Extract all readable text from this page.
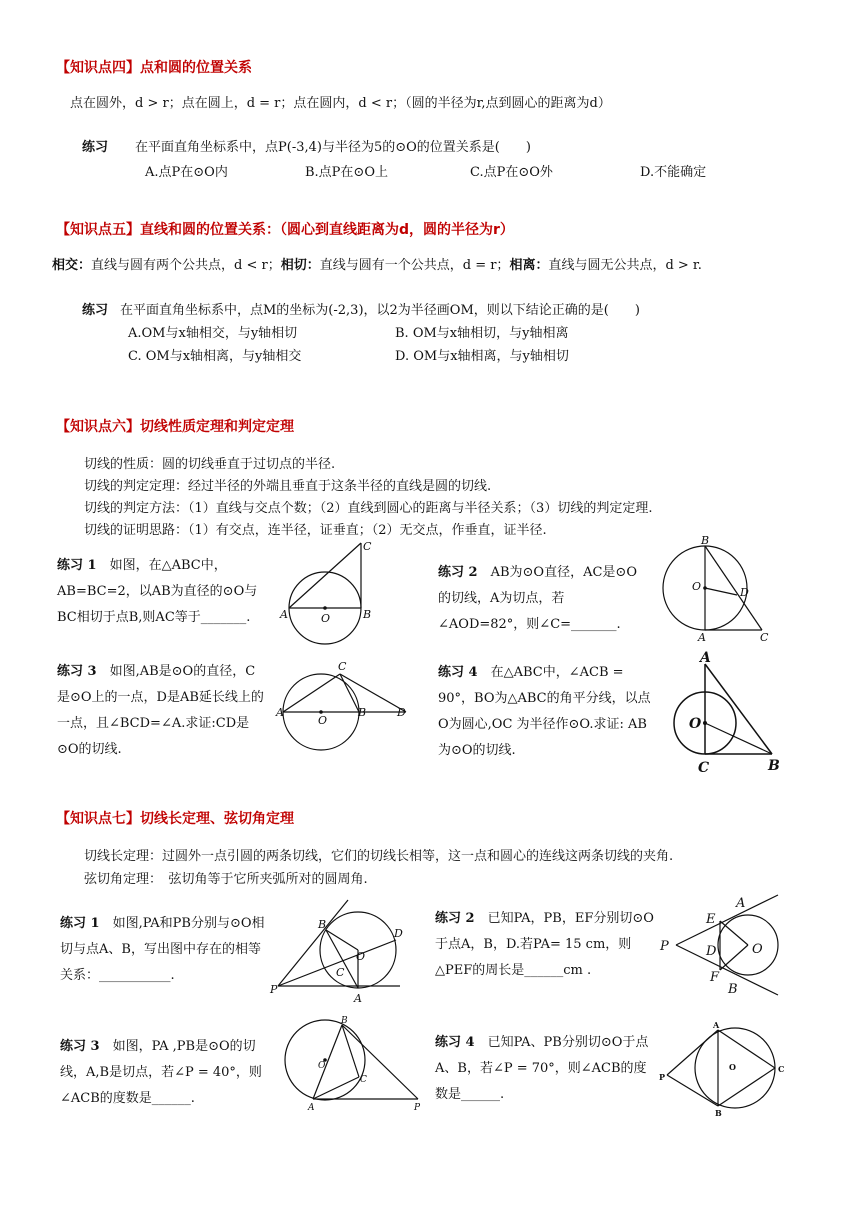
【知识点四】点和圆的位置关系
点在圆外，d > r；点在圆上，d = r；点在圆内，d < r；（圆的半径为r,点到圆心的距离为d）
练习 在平面直角坐标系中，点P(-3,4)与半径为5的⊙O的位置关系是(　　)
A.点P在⊙O内	B.点P在⊙O上	C.点P在⊙O外	D.不能确定
【知识点五】直线和圆的位置关系：（圆心到直线距离为d，圆的半径为r）
相交：直线与圆有两个公共点，d < r；相切：直线与圆有一个公共点，d = r；相离：直线与圆无公共点，d > r.
练习 在平面直角坐标系中，点M的坐标为(-2,3)，以2为半径画OM，则以下结论正确的是(　　)
A.OM与x轴相交，与y轴相切	B. OM与x轴相切，与y轴相离
C. OM与x轴相离，与y轴相交	D. OM与x轴相离，与y轴相切
【知识点六】切线性质定理和判定定理
切线的性质：圆的切线垂直于过切点的半径.
切线的判定定理：经过半径的外端且垂直于这条半径的直线是圆的切线.
切线的判定方法：（1）直线与交点个数；（2）直线到圆心的距离与半径关系；（3）切线的判定定理.
切线的证明思路：（1）有交点，连半径，证垂直；（2）无交点，作垂直，证半径.
练习 1　 如图，在△ABC中，AB=BC=2，以AB为直径的⊙O与BC相切于点B,则AC等于_______.
练习 2　 AB为⊙O直径，AC是⊙O的切线，A为切点，若∠AOD=82°，则∠C=_______.
练习 3　 如图,AB是⊙O的直径，C是⊙O上的一点，D是AB延长线上的一点，且∠BCD=∠A.求证:CD是⊙O的切线.
练习 4　 在△ABC中，∠ACB = 90°，BO为△ABC的角平分线，以点O为圆心,OC 为半径作⊙O.求证: AB为⊙O的切线.
C
A	O	B
B
O	D
A	C
C
A
O
B	D
A
O
C	B
【知识点七】切线长定理、弦切角定理
切线长定理：过圆外一点引圆的两条切线，它们的切线长相等，这一点和圆心的连线这两条切线的夹角.
弦切角定理：　弦切角等于它所夹弧所对的圆周角.
练习 1　 如图,PA和PB分别与⊙O相切与点A、B，写出图中存在的相等关系：___________.
练习 2　 已知PA，PB，EF分别切⊙O于点A，B，D.若PA= 15 cm，则△PEF的周长是______cm .
练习 3　 如图，PA ,PB是⊙O的切线，A,B是切点，若∠P = 40°，则∠ACB的度数是______.
练习 4　 已知PA、PB分别切⊙O于点A、B，若∠P = 70°，则∠ACB的度数是______.
B
D
O
C
P
A
A
E
P	D	O
F
B
B
O
C
A	P
A
P
O	C
B
